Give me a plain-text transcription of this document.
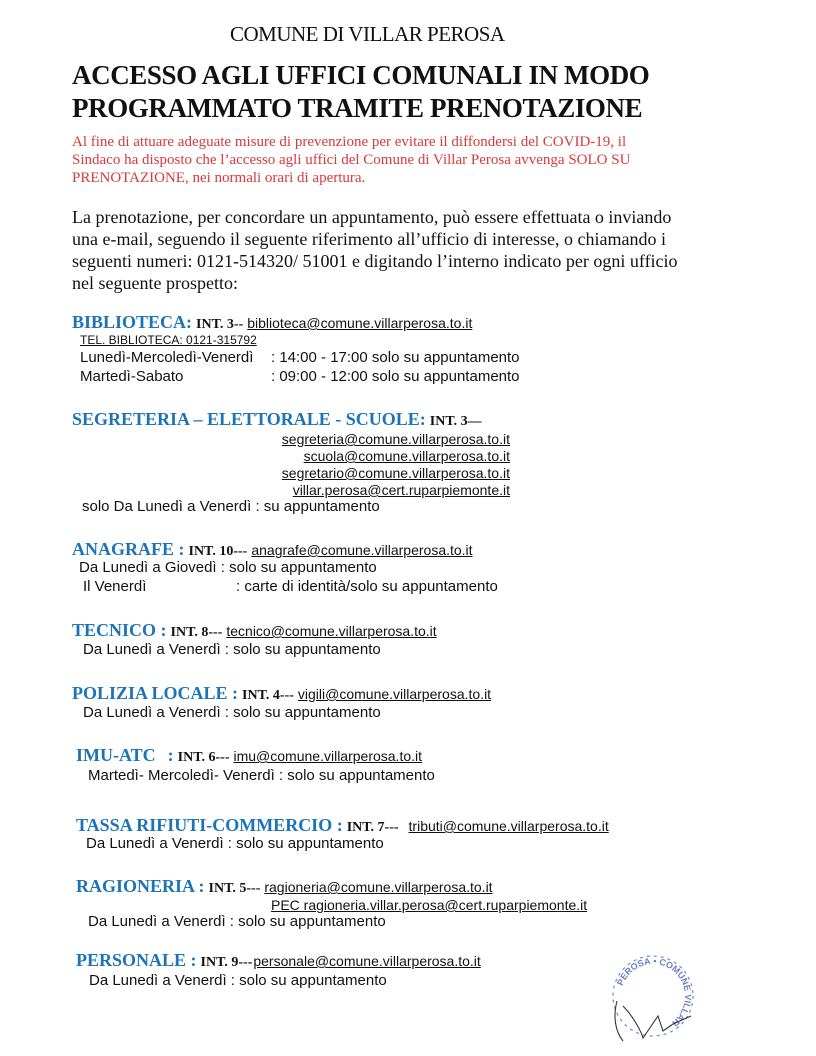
COMUNE DI VILLAR PEROSA
ACCESSO AGLI UFFICI COMUNALI IN MODO
PROGRAMMATO TRAMITE PRENOTAZIONE
Al fine di attuare adeguate misure di prevenzione per evitare il diffondersi del COVID-19, il
Sindaco ha disposto che l’accesso agli uffici del Comune di Villar Perosa avvenga SOLO SU
PRENOTAZIONE, nei normali orari di apertura.
La prenotazione, per concordare un appuntamento, può essere effettuata o inviando
una e-mail, seguendo il seguente riferimento all’ufficio di interesse, o chiamando i
seguenti numeri: 0121-514320/ 51001 e digitando l’interno indicato per ogni ufficio
nel seguente prospetto:
BIBLIOTECA: INT. 3-- biblioteca@comune.villarperosa.to.it
TEL. BIBLIOTECA: 0121-315792
Lunedì-Mercoledì-Venerdì : 14:00 - 17:00 solo su appuntamento
Martedì-Sabato	: 09:00 - 12:00 solo su appuntamento
SEGRETERIA – ELETTORALE - SCUOLE: INT. 3—
segreteria@comune.villarperosa.to.it
scuola@comune.villarperosa.to.it
segretario@comune.villarperosa.to.it
villar.perosa@cert.ruparpiemonte.it
solo Da Lunedì a Venerdì : su appuntamento
ANAGRAFE : INT. 10--- anagrafe@comune.villarperosa.to.it
Da Lunedì a Giovedì : solo su appuntamento
Il Venerdì	: carte di identità/solo su appuntamento
TECNICO : INT. 8--- tecnico@comune.villarperosa.to.it
Da Lunedì a Venerdì : solo su appuntamento
POLIZIA LOCALE : INT. 4--- vigili@comune.villarperosa.to.it
Da Lunedì a Venerdì : solo su appuntamento
IMU-ATC : INT. 6--- imu@comune.villarperosa.to.it
Martedì- Mercoledì- Venerdì : solo su appuntamento
TASSA RIFIUTI-COMMERCIO : INT. 7--- tributi@comune.villarperosa.to.it
Da Lunedì a Venerdì : solo su appuntamento
RAGIONERIA : INT. 5--- ragioneria@comune.villarperosa.to.it
PEC ragioneria.villar.perosa@cert.ruparpiemonte.it
Da Lunedì a Venerdì : solo su appuntamento
PERSONALE : INT. 9--- personale@comune.villarperosa.to.it
Da Lunedì a Venerdì : solo su appuntamento	PEROSA • COMUNE VILLAR
